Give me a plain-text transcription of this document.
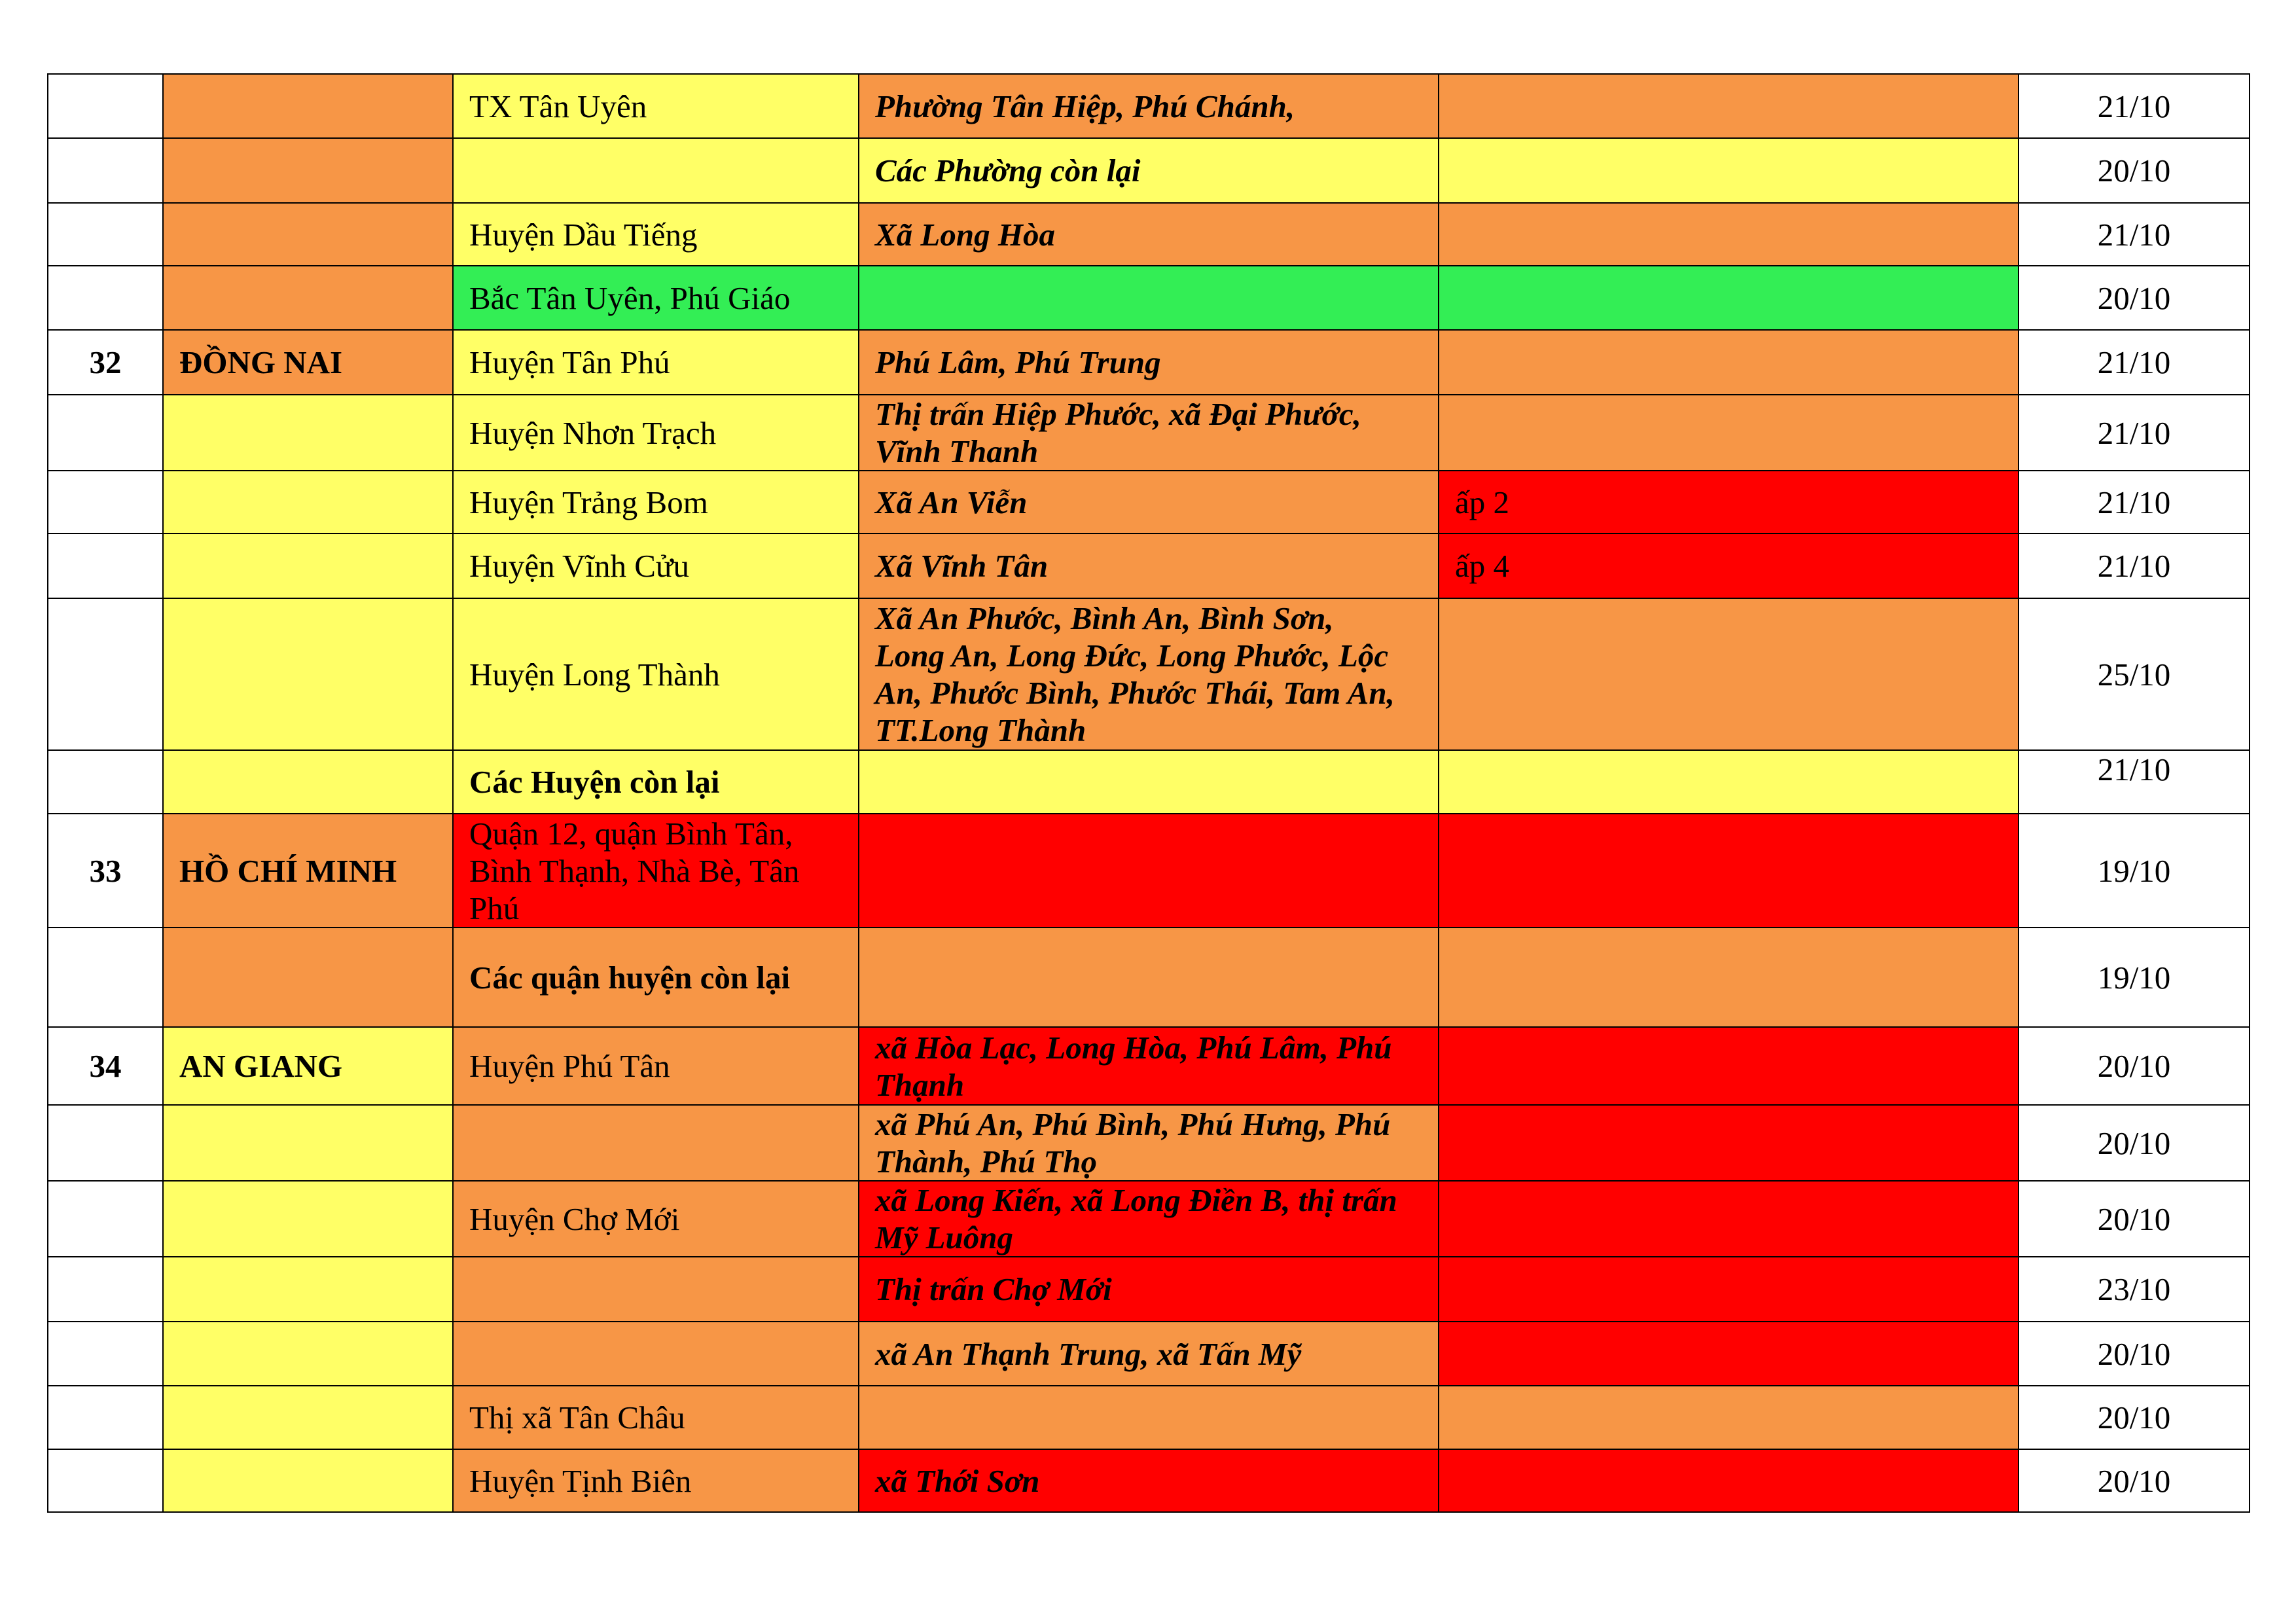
		TX Tân Uyên	Phường Tân Hiệp, Phú Chánh,		21/10
			Các Phường còn lại		20/10
		Huyện Dầu Tiếng	Xã Long Hòa		21/10
		Bắc Tân Uyên, Phú Giáo			20/10
32	ĐỒNG NAI	Huyện Tân Phú	Phú Lâm, Phú Trung		21/10
		Huyện Nhơn Trạch	Thị trấn Hiệp Phước, xã Đại Phước,
Vĩnh Thanh		21/10
		Huyện Trảng Bom	Xã An Viễn	ấp 2	21/10
		Huyện Vĩnh Cửu	Xã Vĩnh Tân	ấp 4	21/10
		Huyện Long Thành	Xã An Phước, Bình An, Bình Sơn,
Long An, Long Đức, Long Phước, Lộc
An, Phước Bình, Phước Thái, Tam An,
TT.Long Thành		25/10
		Các Huyện còn lại			21/10
33	HỒ CHÍ MINH	Quận 12, quận Bình Tân,
Bình Thạnh, Nhà Bè, Tân
Phú			19/10
		Các quận huyện còn lại			19/10
34	AN GIANG	Huyện Phú Tân	xã Hòa Lạc, Long Hòa, Phú Lâm, Phú
Thạnh		20/10
			xã Phú An, Phú Bình, Phú Hưng, Phú
Thành, Phú Thọ		20/10
		Huyện Chợ Mới	xã Long Kiến, xã Long Điền B, thị trấn
Mỹ Luông		20/10
			Thị trấn Chợ Mới		23/10
			xã An Thạnh Trung, xã Tấn Mỹ		20/10
		Thị xã Tân Châu			20/10
		Huyện Tịnh Biên	xã Thới Sơn		20/10
